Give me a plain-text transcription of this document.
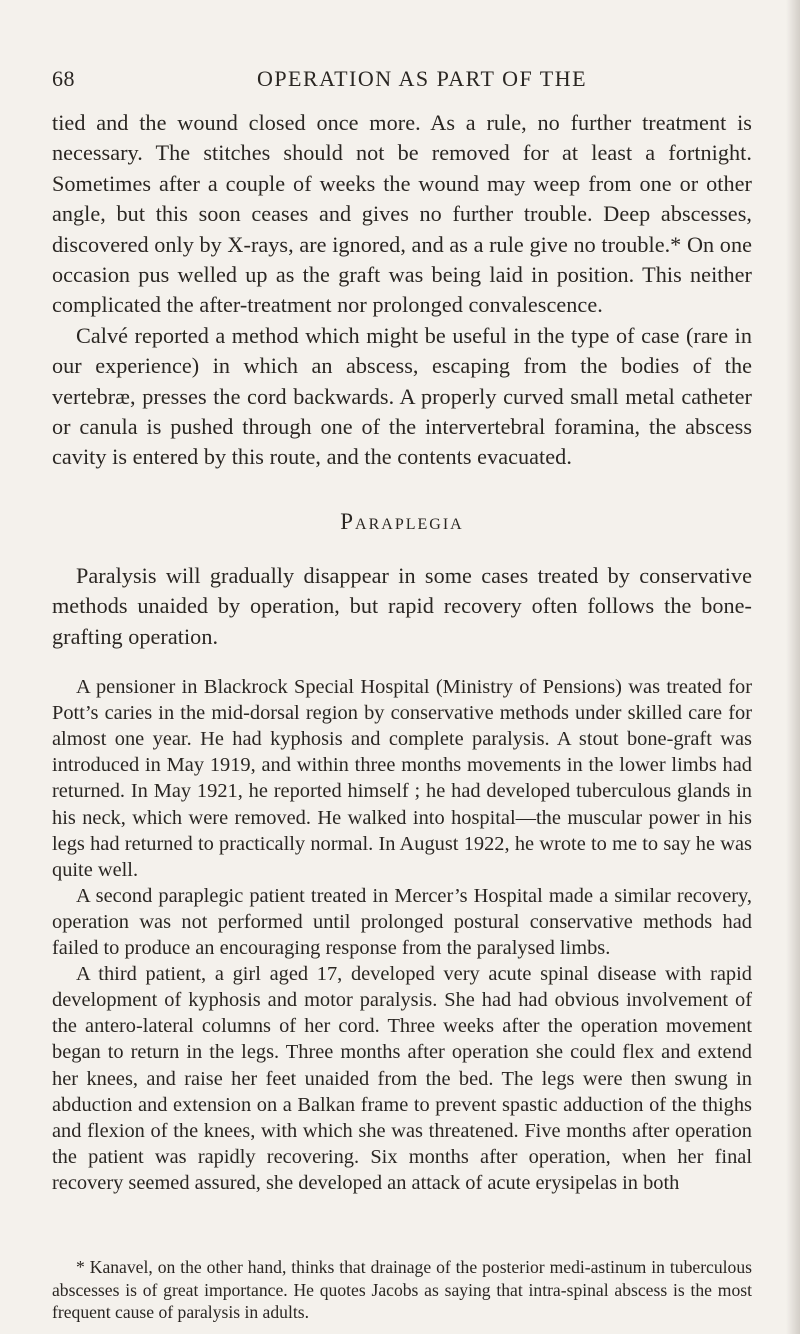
68	OPERATION AS PART OF THE

tied and the wound closed once more. As a rule, no further treatment is necessary. The stitches should not be removed for at least a fortnight. Sometimes after a couple of weeks the wound may weep from one or other angle, but this soon ceases and gives no further trouble. Deep abscesses, discovered only by X-rays, are ignored, and as a rule give no trouble.* On one occasion pus welled up as the graft was being laid in position. This neither complicated the after-treatment nor prolonged convalescence.

Calvé reported a method which might be useful in the type of case (rare in our experience) in which an abscess, escaping from the bodies of the vertebræ, presses the cord backwards. A properly curved small metal catheter or canula is pushed through one of the intervertebral foramina, the abscess cavity is entered by this route, and the contents evacuated.

Paraplegia

Paralysis will gradually disappear in some cases treated by conservative methods unaided by operation, but rapid recovery often follows the bone-grafting operation.

A pensioner in Blackrock Special Hospital (Ministry of Pensions) was treated for Pott’s caries in the mid-dorsal region by conservative methods under skilled care for almost one year. He had kyphosis and complete paralysis. A stout bone-graft was introduced in May 1919, and within three months movements in the lower limbs had returned. In May 1921, he reported himself ; he had developed tuberculous glands in his neck, which were removed. He walked into hospital—the muscular power in his legs had returned to practically normal. In August 1922, he wrote to me to say he was quite well.

A second paraplegic patient treated in Mercer’s Hospital made a similar recovery, operation was not performed until prolonged postural conservative methods had failed to produce an encouraging response from the paralysed limbs.

A third patient, a girl aged 17, developed very acute spinal disease with rapid development of kyphosis and motor paralysis. She had had obvious involvement of the antero-lateral columns of her cord. Three weeks after the operation movement began to return in the legs. Three months after operation she could flex and extend her knees, and raise her feet unaided from the bed. The legs were then swung in abduction and extension on a Balkan frame to prevent spastic adduction of the thighs and flexion of the knees, with which she was threatened. Five months after operation the patient was rapidly recovering. Six months after operation, when her final recovery seemed assured, she developed an attack of acute erysipelas in both

* Kanavel, on the other hand, thinks that drainage of the posterior medi-astinum in tuberculous abscesses is of great importance. He quotes Jacobs as saying that intra-spinal abscess is the most frequent cause of paralysis in adults.
